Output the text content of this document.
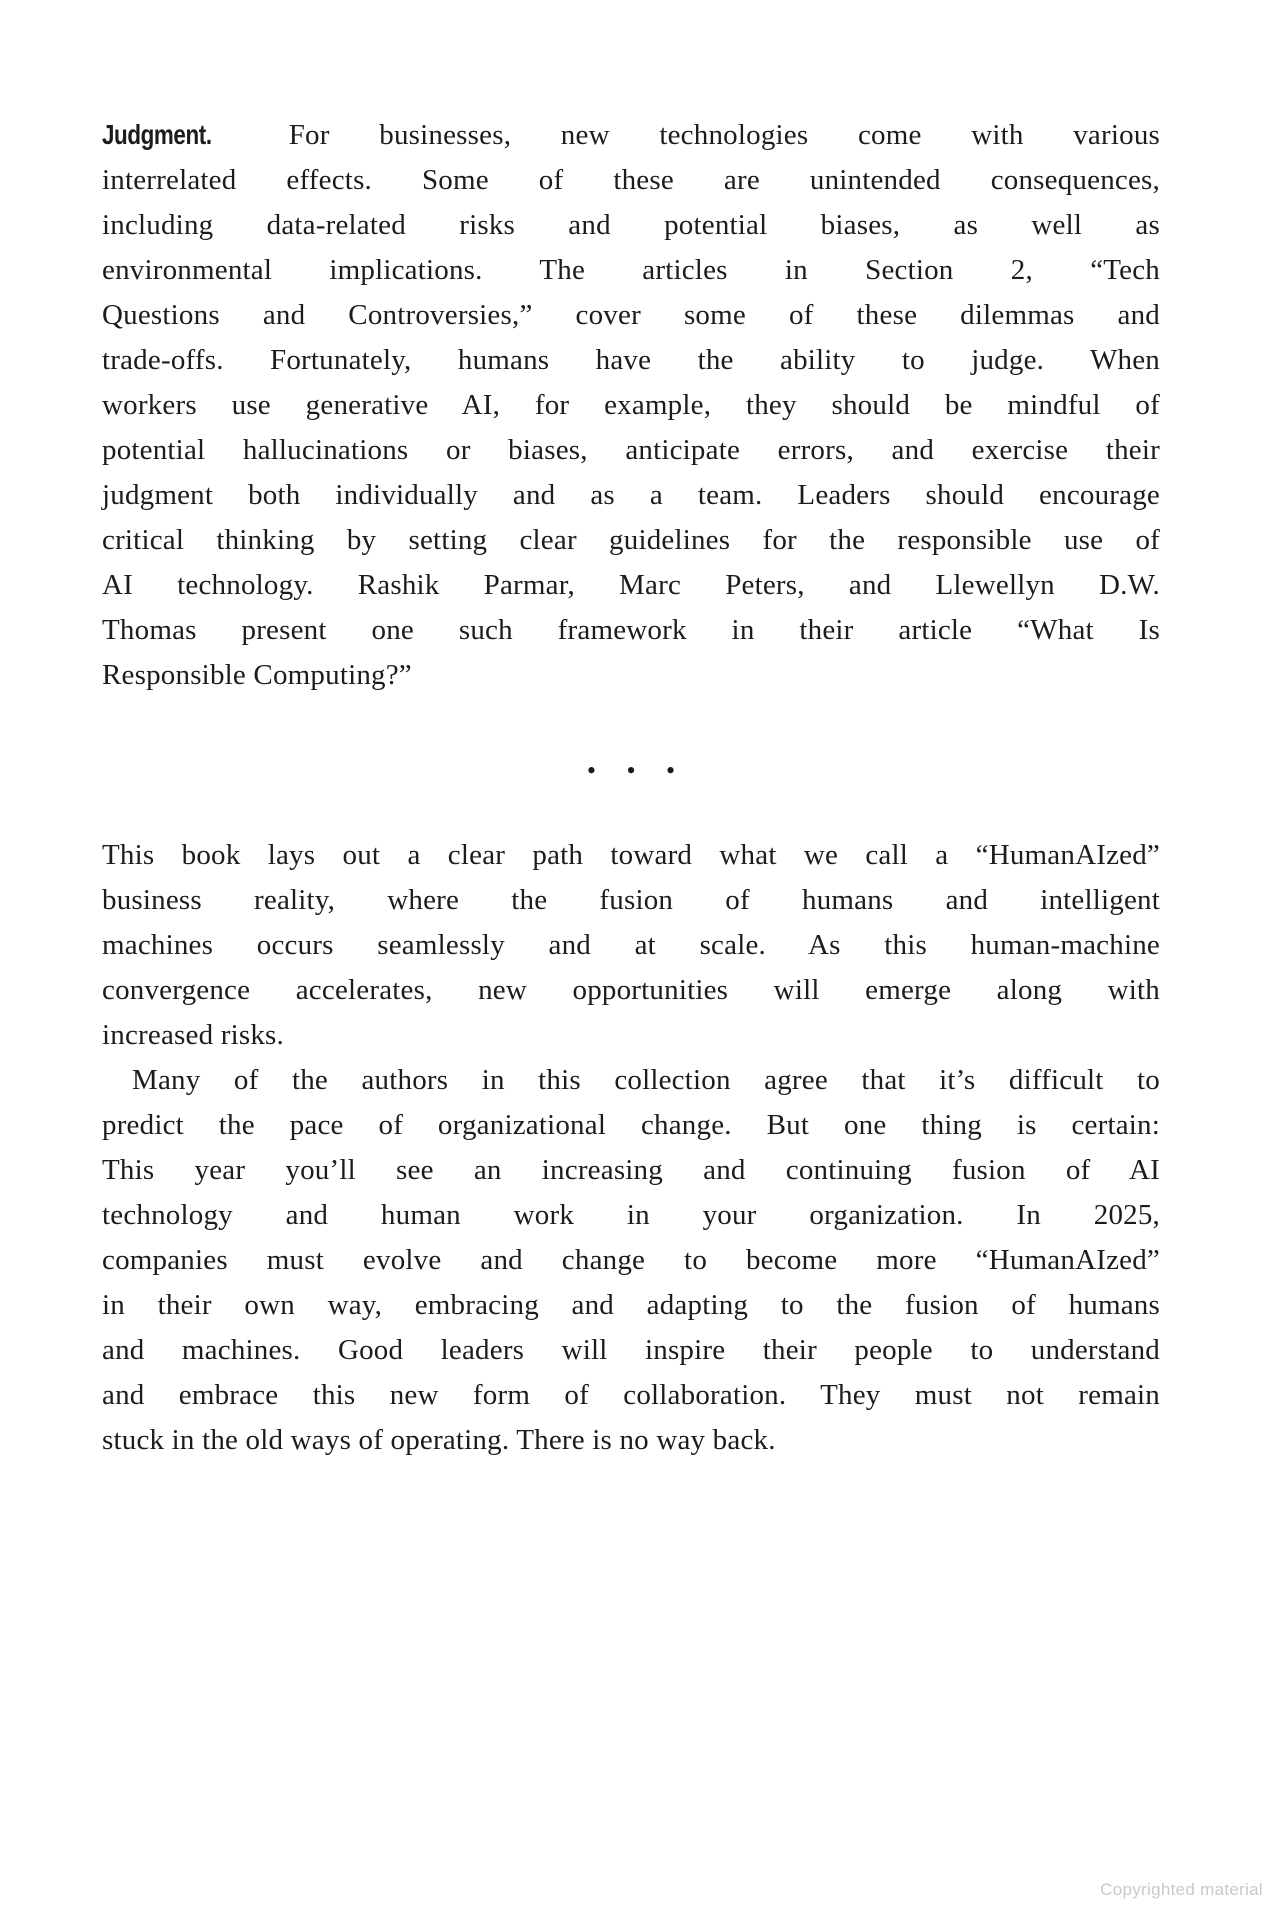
Judgment.	For businesses, new technologies come with various
interrelated effects. Some of these are unintended consequences,
including data-related risks and potential biases, as well as
environmental implications. The articles in Section 2, “Tech
Questions and Controversies,” cover some of these dilemmas and
trade-offs. Fortunately, humans have the ability to judge. When
workers use generative AI, for example, they should be mindful of
potential hallucinations or biases, anticipate errors, and exercise their
judgment both individually and as a team. Leaders should encourage
critical thinking by setting clear guidelines for the responsible use of
AI technology. Rashik Parmar, Marc Peters, and Llewellyn D.W.
Thomas present one such framework in their article “What Is
Responsible Computing?”
• • •
This book lays out a clear path toward what we call a “HumanAIzed”
business reality, where the fusion of humans and intelligent
machines occurs seamlessly and at scale. As this human-machine
convergence accelerates, new opportunities will emerge along with
increased risks.
Many of the authors in this collection agree that it’s difficult to
predict the pace of organizational change. But one thing is certain:
This year you’ll see an increasing and continuing fusion of AI
technology and human work in your organization. In 2025,
companies must evolve and change to become more “HumanAIzed”
in their own way, embracing and adapting to the fusion of humans
and machines. Good leaders will inspire their people to understand
and embrace this new form of collaboration. They must not remain
stuck in the old ways of operating. There is no way back.
Copyrighted material
